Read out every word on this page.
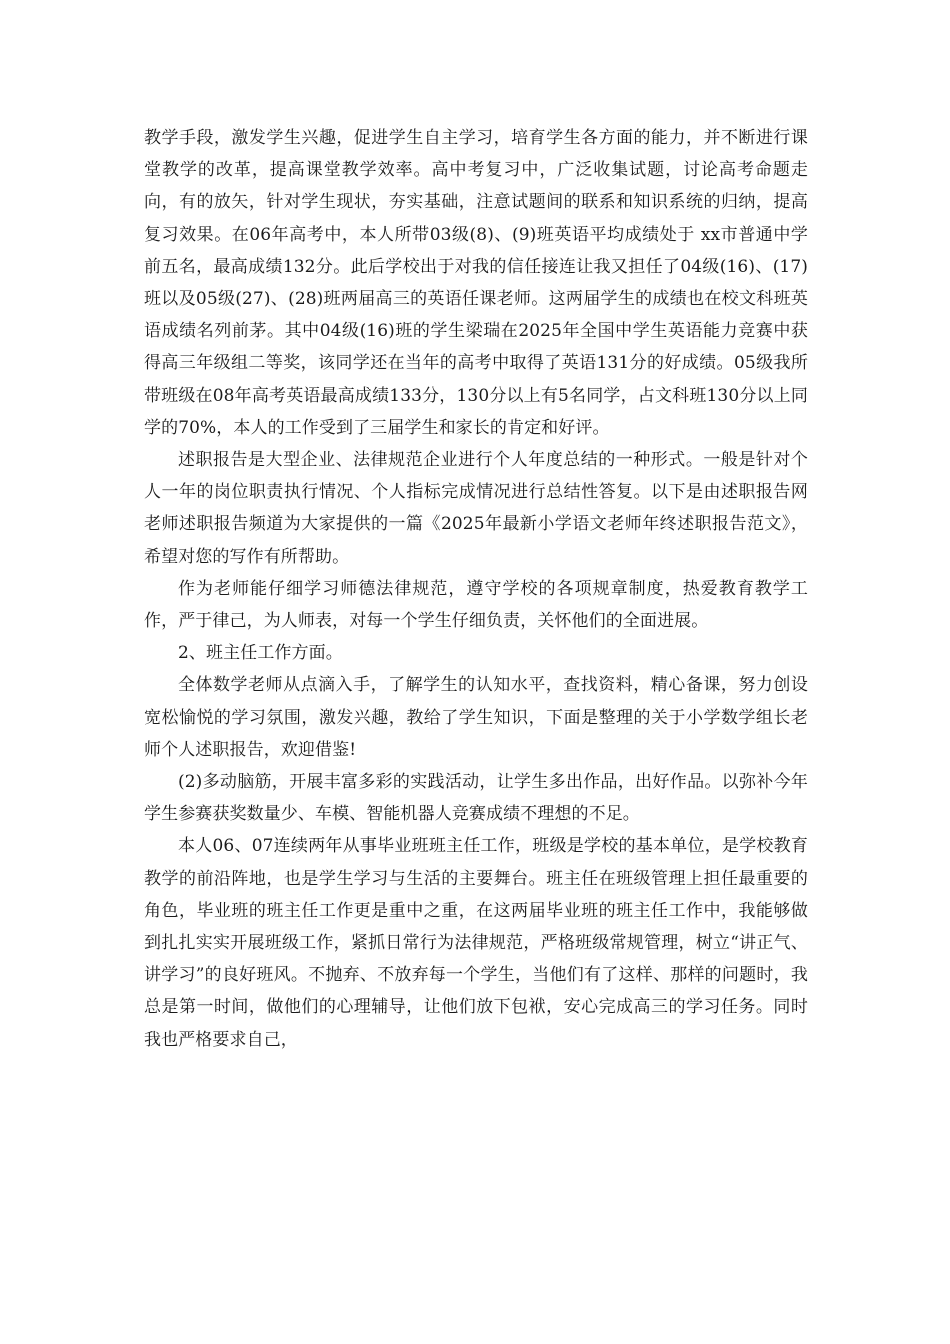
教学手段，激发学生兴趣，促进学生自主学习，培育学生各方面的能力，并不断进行课堂教学的改革，提高课堂教学效率。高中考复习中，广泛收集试题，讨论高考命题走向，有的放矢，针对学生现状，夯实基础，注意试题间的联系和知识系统的归纳，提高复习效果。在06年高考中，本人所带03级(8)、(9)班英语平均成绩处于 xx市普通中学前五名，最高成绩132分。此后学校出于对我的信任接连让我又担任了04级(16)、(17)班以及05级(27)、(28)班两届高三的英语任课老师。这两届学生的成绩也在校文科班英语成绩名列前茅。其中04级(16)班的学生梁瑞在2025年全国中学生英语能力竞赛中获得高三年级组二等奖，该同学还在当年的高考中取得了英语131分的好成绩。05级我所带班级在08年高考英语最高成绩133分，130分以上有5名同学，占文科班130分以上同学的70%，本人的工作受到了三届学生和家长的肯定和好评。

述职报告是大型企业、法律规范企业进行个人年度总结的一种形式。一般是针对个人一年的岗位职责执行情况、个人指标完成情况进行总结性答复。以下是由述职报告网老师述职报告频道为大家提供的一篇《2025年最新小学语文老师年终述职报告范文》，希望对您的写作有所帮助。

作为老师能仔细学习师德法律规范，遵守学校的各项规章制度，热爱教育教学工作，严于律己，为人师表，对每一个学生仔细负责，关怀他们的全面进展。

2、班主任工作方面。

全体数学老师从点滴入手，了解学生的认知水平，查找资料，精心备课，努力创设宽松愉悦的学习氛围，激发兴趣，教给了学生知识，下面是整理的关于小学数学组长老师个人述职报告，欢迎借鉴!

(2)多动脑筋，开展丰富多彩的实践活动，让学生多出作品，出好作品。以弥补今年学生参赛获奖数量少、车模、智能机器人竞赛成绩不理想的不足。

本人06、07连续两年从事毕业班班主任工作，班级是学校的基本单位，是学校教育教学的前沿阵地，也是学生学习与生活的主要舞台。班主任在班级管理上担任最重要的角色，毕业班的班主任工作更是重中之重，在这两届毕业班的班主任工作中，我能够做到扎扎实实开展班级工作，紧抓日常行为法律规范，严格班级常规管理，树立“讲正气、讲学习”的良好班风。不抛弃、不放弃每一个学生，当他们有了这样、那样的问题时，我总是第一时间，做他们的心理辅导，让他们放下包袱，安心完成高三的学习任务。同时我也严格要求自己，
